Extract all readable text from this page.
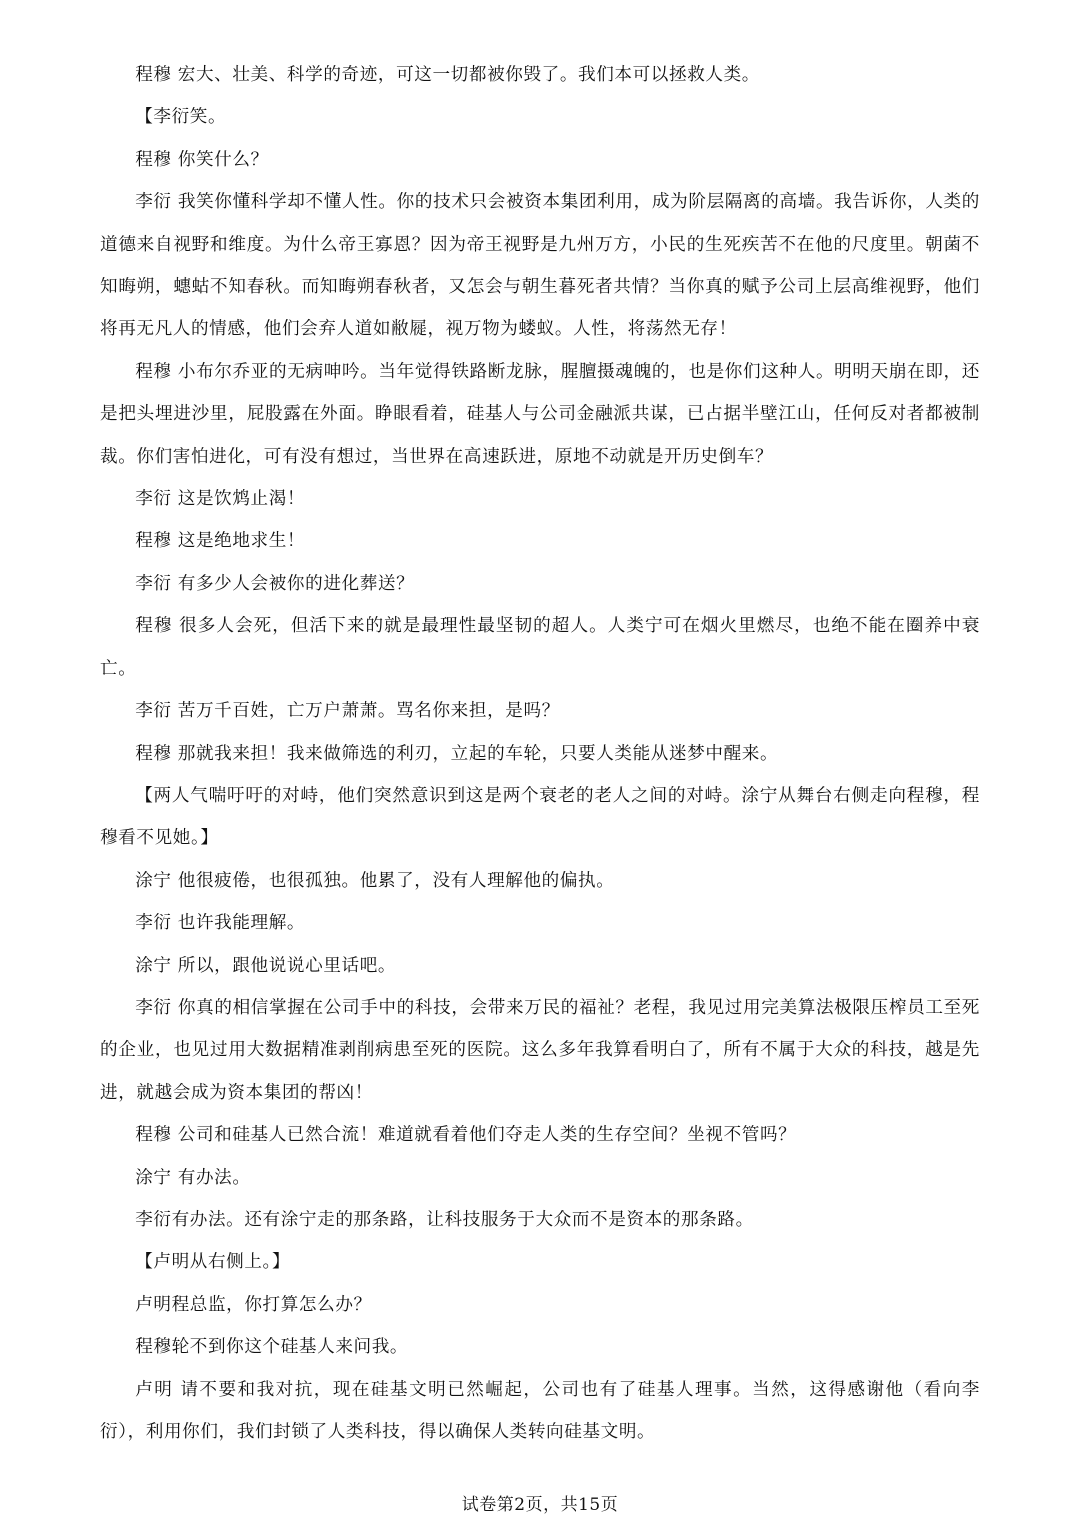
程穆 宏大、壮美、科学的奇迹，可这一切都被你毁了。我们本可以拯救人类。

【李衍笑。

程穆 你笑什么？

李衍 我笑你懂科学却不懂人性。你的技术只会被资本集团利用，成为阶层隔离的高墙。我告诉你，人类的道德来自视野和维度。为什么帝王寡恩？因为帝王视野是九州万方，小民的生死疾苦不在他的尺度里。朝菌不知晦朔，蟪蛄不知春秋。而知晦朔春秋者，又怎会与朝生暮死者共情？当你真的赋予公司上层高维视野，他们将再无凡人的情感，他们会弃人道如敝屣，视万物为蝼蚁。人性，将荡然无存！

程穆 小布尔乔亚的无病呻吟。当年觉得铁路断龙脉，腥膻摄魂魄的，也是你们这种人。明明天崩在即，还是把头埋进沙里，屁股露在外面。睁眼看着，硅基人与公司金融派共谋，已占据半壁江山，任何反对者都被制裁。你们害怕进化，可有没有想过，当世界在高速跃进，原地不动就是开历史倒车？

李衍 这是饮鸩止渴！

程穆 这是绝地求生！

李衍 有多少人会被你的进化葬送？

程穆 很多人会死，但活下来的就是最理性最坚韧的超人。人类宁可在烟火里燃尽，也绝不能在圈养中衰亡。

李衍 苦万千百姓，亡万户萧萧。骂名你来担，是吗？

程穆 那就我来担！我来做筛选的利刃，立起的车轮，只要人类能从迷梦中醒来。

【两人气喘吁吁的对峙，他们突然意识到这是两个衰老的老人之间的对峙。涂宁从舞台右侧走向程穆，程穆看不见她。】

涂宁 他很疲倦，也很孤独。他累了，没有人理解他的偏执。

李衍 也许我能理解。

涂宁 所以，跟他说说心里话吧。

李衍 你真的相信掌握在公司手中的科技，会带来万民的福祉？老程，我见过用完美算法极限压榨员工至死的企业，也见过用大数据精准剥削病患至死的医院。这么多年我算看明白了，所有不属于大众的科技，越是先进，就越会成为资本集团的帮凶！

程穆 公司和硅基人已然合流！难道就看着他们夺走人类的生存空间？坐视不管吗？

涂宁 有办法。

李衍有办法。还有涂宁走的那条路，让科技服务于大众而不是资本的那条路。

【卢明从右侧上。】

卢明程总监，你打算怎么办？

程穆轮不到你这个硅基人来问我。

卢明 请不要和我对抗，现在硅基文明已然崛起，公司也有了硅基人理事。当然，这得感谢他（看向李衍），利用你们，我们封锁了人类科技，得以确保人类转向硅基文明。

试卷第2页，共15页
